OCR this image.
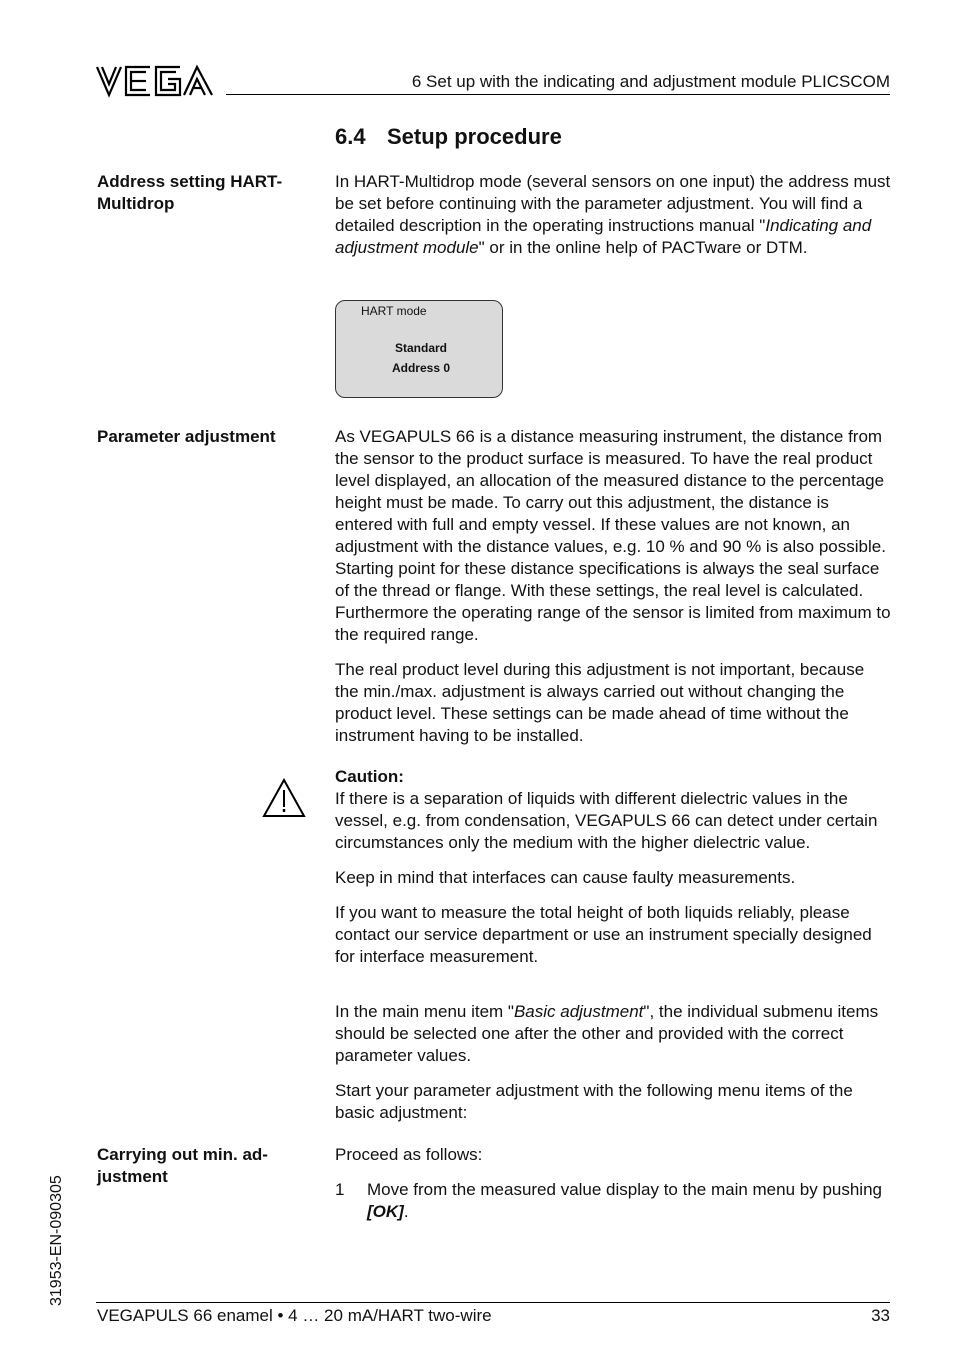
6 Set up with the indicating and adjustment module PLICSCOM
6.4 Setup procedure
Address setting HART-
Multidrop

In HART-Multidrop mode (several sensors on one input) the address must be set before continuing with the parameter adjustment. You will find a detailed description in the operating instructions manual "Indicating and adjustment module" or in the online help of PACTware or DTM.

HART mode
Standard
Address 0
Parameter adjustment	As VEGAPULS 66 is a distance measuring instrument, the distance from the sensor to the product surface is measured. To have the real product level displayed, an allocation of the measured distance to the percentage height must be made. To carry out this adjustment, the distance is entered with full and empty vessel. If these values are not known, an adjustment with the distance values, e.g. 10 % and 90 % is also possible. Starting point for these distance specifications is always the seal surface of the thread or flange. With these settings, the real level is calculated. Furthermore the operating range of the sensor is limited from maximum to the required range.

The real product level during this adjustment is not important, because the min./max. adjustment is always carried out without changing the product level. These settings can be made ahead of time without the instrument having to be installed.

Caution:

If there is a separation of liquids with different dielectric values in the vessel, e.g. from condensation, VEGAPULS 66 can detect under certain circumstances only the medium with the higher dielectric value.

Keep in mind that interfaces can cause faulty measurements.

If you want to measure the total height of both liquids reliably, please contact our service department or use an instrument specially designed for interface measurement.

In the main menu item "Basic adjustment", the individual submenu items should be selected one after the other and provided with the correct parameter values.

Start your parameter adjustment with the following menu items of the basic adjustment:

Carrying out min. ad-
justment

Proceed as follows:

1 Move from the measured value display to the main menu by pushing [OK].
31953-EN-090305
VEGAPULS 66 enamel • 4 … 20 mA/HART two-wire	33
